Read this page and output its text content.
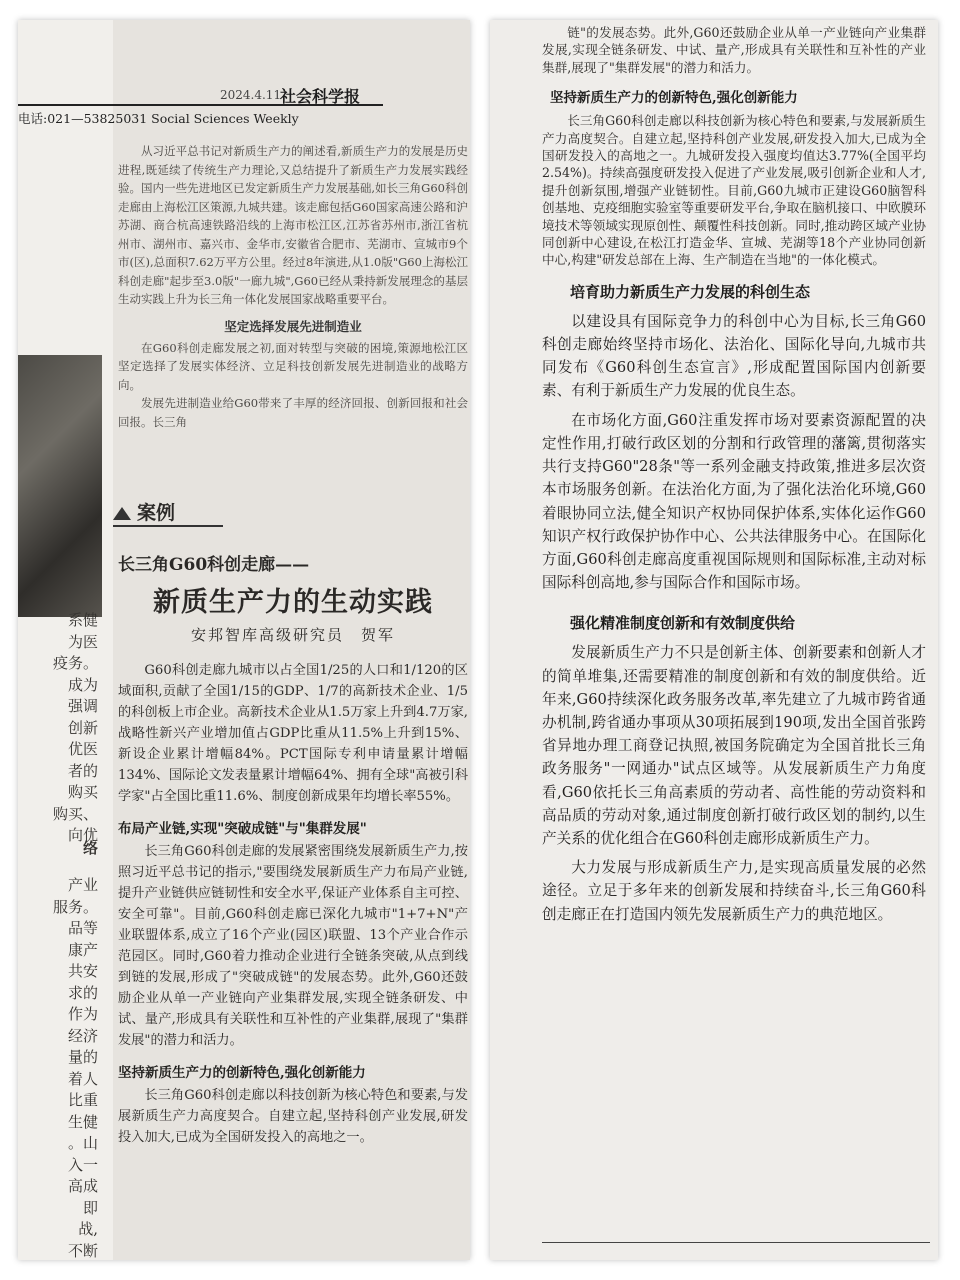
系健
为医
疫务。
成为
强调
创新
优医
者的
购买
购买、
向优
络
产业
服务。
品等
康产
共安
求的
作为
经济
量的
着人
比重
生健
。山
入一
高成
即
战,
不断
2024.4.11
社会科学报
电话:021—53825031 Social Sciences Weekly

从习近平总书记对新质生产力的阐述看,新质生产力的发展是历史进程,既延续了传统生产力理论,又总结提升了新质生产力发展实践经验。国内一些先进地区已发定新质生产力发展基础,如长三角G60科创走廊由上海松江区策源,九城共建。该走廊包括G60国家高速公路和沪苏湖、商合杭高速铁路沿线的上海市松江区,江苏省苏州市,浙江省杭州市、湖州市、嘉兴市、金华市,安徽省合肥市、芜湖市、宣城市9个市(区),总面积7.62万平方公里。经过8年演进,从1.0版"G60上海松江科创走廊"起步至3.0版"一廊九城",G60已经从秉持新发展理念的基层生动实践上升为长三角一体化发展国家战略重要平台。

坚定选择发展先进制造业

在G60科创走廊发展之初,面对转型与突破的困境,策源地松江区坚定选择了发展实体经济、立足科技创新发展先进制造业的战略方向。

发展先进制造业给G60带来了丰厚的经济回报、创新回报和社会回报。长三角

案例
长三角G60科创走廊——
新质生产力的生动实践
安邦智库高级研究员　贺军

G60科创走廊九城市以占全国1/25的人口和1/120的区域面积,贡献了全国1/15的GDP、1/7的高新技术企业、1/5的科创板上市企业。高新技术企业从1.5万家上升到4.7万家,战略性新兴产业增加值占GDP比重从11.5%上升到15%、新设企业累计增幅84%。PCT国际专利申请量累计增幅134%、国际论文发表量累计增幅64%、拥有全球"高被引科学家"占全国比重11.6%、制度创新成果年均增长率55%。

布局产业链,实现"突破成链"与"集群发展"

长三角G60科创走廊的发展紧密围绕发展新质生产力,按照习近平总书记的指示,"要围绕发展新质生产力布局产业链,提升产业链供应链韧性和安全水平,保证产业体系自主可控、安全可靠"。目前,G60科创走廊已深化九城市"1+7+N"产业联盟体系,成立了16个产业(园区)联盟、13个产业合作示范园区。同时,G60着力推动企业进行全链条突破,从点到线到链的发展,形成了"突破成链"的发展态势。此外,G60还鼓励企业从单一产业链向产业集群发展,实现全链条研发、中试、量产,形成具有关联性和互补性的产业集群,展现了"集群发展"的潜力和活力。

坚持新质生产力的创新特色,强化创新能力

长三角G60科创走廊以科技创新为核心特色和要素,与发展新质生产力高度契合。自建立起,坚持科创产业发展,研发投入加大,已成为全国研发投入的高地之一。

链"的发展态势。此外,G60还鼓励企业从单一产业链向产业集群发展,实现全链条研发、中试、量产,形成具有关联性和互补性的产业集群,展现了"集群发展"的潜力和活力。

坚持新质生产力的创新特色,强化创新能力

长三角G60科创走廊以科技创新为核心特色和要素,与发展新质生产力高度契合。自建立起,坚持科创产业发展,研发投入加大,已成为全国研发投入的高地之一。九城研发投入强度均值达3.77%(全国平均2.54%)。持续高强度研发投入促进了产业发展,吸引创新企业和人才,提升创新氛围,增强产业链韧性。目前,G60九城市正建设G60脑智科创基地、克疫细胞实验室等重要研发平台,争取在脑机接口、中欧膜环境技术等领域实现原创性、颠覆性科技创新。同时,推动跨区域产业协同创新中心建设,在松江打造金华、宣城、芜湖等18个产业协同创新中心,构建"研发总部在上海、生产制造在当地"的一体化模式。

培育助力新质生产力发展的科创生态

以建设具有国际竞争力的科创中心为目标,长三角G60科创走廊始终坚持市场化、法治化、国际化导向,九城市共同发布《G60科创生态宣言》,形成配置国际国内创新要素、有利于新质生产力发展的优良生态。

在市场化方面,G60注重发挥市场对要素资源配置的决定性作用,打破行政区划的分割和行政管理的藩篱,贯彻落实共行支持G60"28条"等一系列金融支持政策,推进多层次资本市场服务创新。在法治化方面,为了强化法治化环境,G60着眼协同立法,健全知识产权协同保护体系,实体化运作G60知识产权行政保护协作中心、公共法律服务中心。在国际化方面,G60科创走廊高度重视国际规则和国际标准,主动对标国际科创高地,参与国际合作和国际市场。

强化精准制度创新和有效制度供给

发展新质生产力不只是创新主体、创新要素和创新人才的简单堆集,还需要精准的制度创新和有效的制度供给。近年来,G60持续深化政务服务改革,率先建立了九城市跨省通办机制,跨省通办事项从30项拓展到190项,发出全国首张跨省异地办理工商登记执照,被国务院确定为全国首批长三角政务服务"一网通办"试点区域等。从发展新质生产力角度看,G60依托长三角高素质的劳动者、高性能的劳动资料和高品质的劳动对象,通过制度创新打破行政区划的制约,以生产关系的优化组合在G60科创走廊形成新质生产力。

大力发展与形成新质生产力,是实现高质量发展的必然途径。立足于多年来的创新发展和持续奋斗,长三角G60科创走廊正在打造国内领先发展新质生产力的典范地区。
